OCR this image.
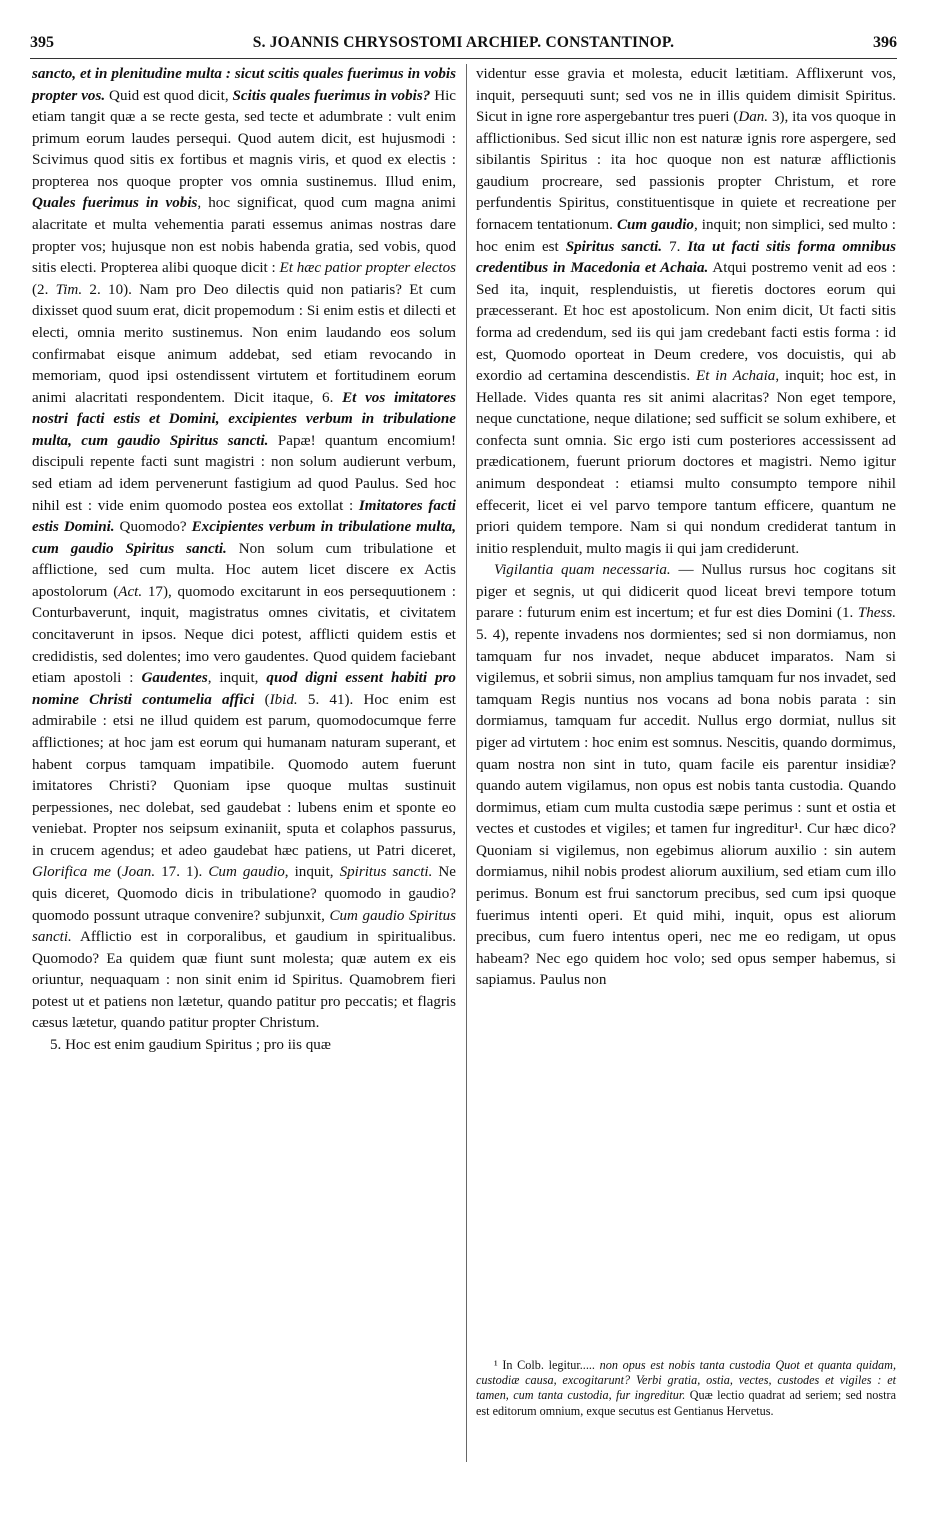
395	S. JOANNIS CHRYSOSTOMI ARCHIEP. CONSTANTINOP.	396

sancto, et in plenitudine multa : sicut scitis quales fuerimus in vobis propter vos. Quid est quod dicit, Scitis quales fuerimus in vobis? Hic etiam tangit quæ a se recte gesta, sed tecte et adumbrate : vult enim primum eorum laudes persequi. Quod autem dicit, est hujusmodi : Scivimus quod sitis ex fortibus et magnis viris, et quod ex electis : propterea nos quoque propter vos omnia sustinemus. Illud enim, Quales fuerimus in vobis, hoc significat, quod cum magna animi alacritate et multa vehementia parati essemus animas nostras dare propter vos; hujusque non est nobis habenda gratia, sed vobis, quod sitis electi. Propterea alibi quoque dicit : Et hæc patior propter electos (2. Tim. 2. 10). Nam pro Deo dilectis quid non patiaris? Et cum dixisset quod suum erat, dicit propemodum : Si enim estis et dilecti et electi, omnia merito sustinemus. Non enim laudando eos solum confirmabat eisque animum addebat, sed etiam revocando in memoriam, quod ipsi ostendissent virtutem et fortitudinem eorum animi alacritati respondentem. Dicit itaque, 6. Et vos imitatores nostri facti estis et Domini, excipientes verbum in tribulatione multa, cum gaudio Spiritus sancti. Papæ! quantum encomium! discipuli repente facti sunt magistri : non solum audierunt verbum, sed etiam ad idem pervenerunt fastigium ad quod Paulus. Sed hoc nihil est : vide enim quomodo postea eos extollat : Imitatores facti estis Domini. Quomodo? Excipientes verbum in tribulatione multa, cum gaudio Spiritus sancti. Non solum cum tribulatione et afflictione, sed cum multa. Hoc autem licet discere ex Actis apostolorum (Act. 17), quomodo excitarunt in eos persequutionem : Conturbaverunt, inquit, magistratus omnes civitatis, et civitatem concitaverunt in ipsos. Neque dici potest, afflicti quidem estis et credidistis, sed dolentes; imo vero gaudentes. Quod quidem faciebant etiam apostoli : Gaudentes, inquit, quod digni essent habiti pro nomine Christi contumelia affici (Ibid. 5. 41). Hoc enim est admirabile : etsi ne illud quidem est parum, quomodocumque ferre afflictiones; at hoc jam est eorum qui humanam naturam superant, et habent corpus tamquam impatibile. Quomodo autem fuerunt imitatores Christi? Quoniam ipse quoque multas sustinuit perpessiones, nec dolebat, sed gaudebat : lubens enim et sponte eo veniebat. Propter nos seipsum exinaniit, sputa et colaphos passurus, in crucem agendus; et adeo gaudebat hæc patiens, ut Patri diceret, Glorifica me (Joan. 17. 1). Cum gaudio, inquit, Spiritus sancti. Ne quis diceret, Quomodo dicis in tribulatione? quomodo in gaudio? quomodo possunt utraque convenire? subjunxit, Cum gaudio Spiritus sancti. Afflictio est in corporalibus, et gaudium in spiritualibus. Quomodo? Ea quidem quæ fiunt sunt molesta; quæ autem ex eis oriuntur, nequaquam : non sinit enim id Spiritus. Quamobrem fieri potest ut et patiens non lætetur, quando patitur pro peccatis; et flagris cæsus lætetur, quando patitur propter Christum.

5. Hoc est enim gaudium Spiritus ; pro iis quæ

videntur esse gravia et molesta, educit lætitiam. Afflixerunt vos, inquit, persequuti sunt; sed vos ne in illis quidem dimisit Spiritus. Sicut in igne rore aspergebantur tres pueri (Dan. 3), ita vos quoque in afflictionibus. Sed sicut illic non est naturæ ignis rore aspergere, sed sibilantis Spiritus : ita hoc quoque non est naturæ afflictionis gaudium procreare, sed passionis propter Christum, et rore perfundentis Spiritus, constituentisque in quiete et recreatione per fornacem tentationum. Cum gaudio, inquit; non simplici, sed multo : hoc enim est Spiritus sancti. 7. Ita ut facti sitis forma omnibus credentibus in Macedonia et Achaia. Atqui postremo venit ad eos : Sed ita, inquit, resplenduistis, ut fieretis doctores eorum qui præcesserant. Et hoc est apostolicum. Non enim dicit, Ut facti sitis forma ad credendum, sed iis qui jam credebant facti estis forma : id est, Quomodo oporteat in Deum credere, vos docuistis, qui ab exordio ad certamina descendistis. Et in Achaia, inquit; hoc est, in Hellade. Vides quanta res sit animi alacritas? Non eget tempore, neque cunctatione, neque dilatione; sed sufficit se solum exhibere, et confecta sunt omnia. Sic ergo isti cum posteriores accessissent ad prædicationem, fuerunt priorum doctores et magistri. Nemo igitur animum despondeat : etiamsi multo consumpto tempore nihil effecerit, licet ei vel parvo tempore tantum efficere, quantum ne priori quidem tempore. Nam si qui nondum crediderat tantum in initio resplenduit, multo magis ii qui jam crediderunt.

Vigilantia quam necessaria. — Nullus rursus hoc cogitans sit piger et segnis, ut qui didicerit quod liceat brevi tempore totum parare : futurum enim est incertum; et fur est dies Domini (1. Thess. 5. 4), repente invadens nos dormientes; sed si non dormiamus, non tamquam fur nos invadet, neque abducet imparatos. Nam si vigilemus, et sobrii simus, non amplius tamquam fur nos invadet, sed tamquam Regis nuntius nos vocans ad bona nobis parata : sin dormiamus, tamquam fur accedit. Nullus ergo dormiat, nullus sit piger ad virtutem : hoc enim est somnus. Nescitis, quando dormimus, quam nostra non sint in tuto, quam facile eis parentur insidiæ? quando autem vigilamus, non opus est nobis tanta custodia. Quando dormimus, etiam cum multa custodia sæpe perimus : sunt et ostia et vectes et custodes et vigiles; et tamen fur ingreditur¹. Cur hæc dico? Quoniam si vigilemus, non egebimus aliorum auxilio : sin autem dormiamus, nihil nobis prodest aliorum auxilium, sed etiam cum illo perimus. Bonum est frui sanctorum precibus, sed cum ipsi quoque fuerimus intenti operi. Et quid mihi, inquit, opus est aliorum precibus, cum fuero intentus operi, nec me eo redigam, ut opus habeam? Nec ego quidem hoc volo; sed opus semper habemus, si sapiamus. Paulus non

¹ In Colb. legitur..... non opus est nobis tanta custodia Quot et quanta quidam, custodiæ causa, excogitarunt? Verbi gratia, ostia, vectes, custodes et vigiles : et tamen, cum tanta custodia, fur ingreditur. Quæ lectio quadrat ad seriem; sed nostra est editorum omnium, exque secutus est Gentianus Hervetus.
